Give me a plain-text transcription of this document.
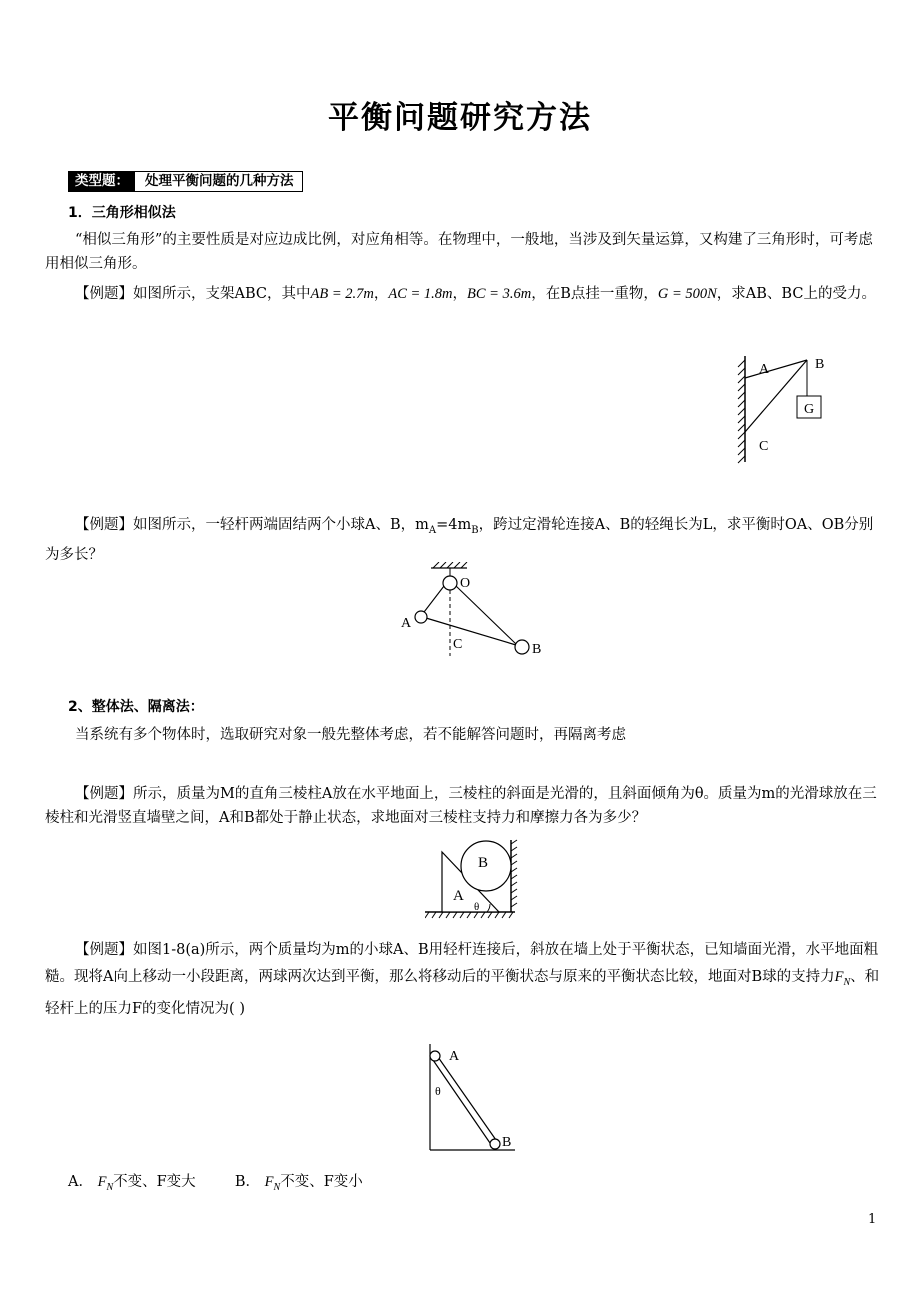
平衡问题研究方法
类型题：	处理平衡问题的几种方法
1．三角形相似法
“相似三角形”的主要性质是对应边成比例，对应角相等。在物理中，一般地，当涉及到矢量运算，又构建了三角形时，可考虑用相似三角形。
【例题】如图所示，支架ABC，其中AB = 2.7m，AC = 1.8m，BC = 3.6m，在B点挂一重物，G = 500N，求AB、BC上的受力。
A	B
C
G
【例题】如图所示，一轻杆两端固结两个小球A、B，$m_A=4m_B$，跨过定滑轮连接A、B的轻绳长为L，求平衡时OA、OB分别为多长？
O
A
C	B
2、整体法、隔离法：
当系统有多个物体时，选取研究对象一般先整体考虑，若不能解答问题时，再隔离考虑
【例题】所示，质量为M的直角三棱柱A放在水平地面上，三棱柱的斜面是光滑的，且斜面倾角为θ。质量为m的光滑球放在三棱柱和光滑竖直墙壁之间，A和B都处于静止状态，求地面对三棱柱支持力和摩擦力各为多少？
B
A
θ
【例题】如图1-8(a)所示，两个质量均为m的小球A、B用轻杆连接后，斜放在墙上处于平衡状态，已知墙面光滑，水平地面粗糙。现将A向上移动一小段距离，两球两次达到平衡，那么将移动后的平衡状态与原来的平衡状态比较，地面对B球的支持力$F_N$、和轻杆上的压力F的变化情况为( )
A
θ
B
A． $F_N$不变、F变大	B． $F_N$不变、F变小
1
